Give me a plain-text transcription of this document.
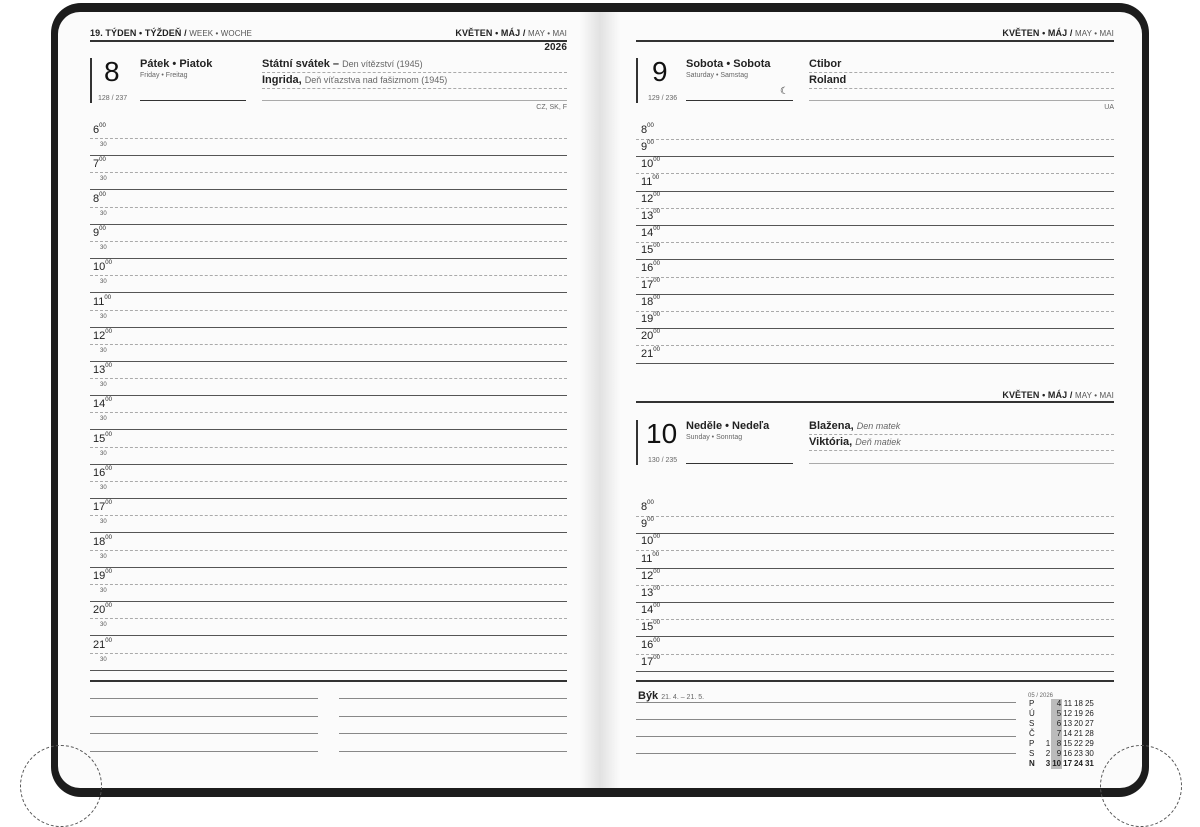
19. TÝDEN • TÝŽDEŇ / WEEK • WOCHE	KVĚTEN • MÁJ / MAY • MAI
2026
8 Pátek • Piatok
Friday • Freitag
128 / 237
Státní svátek – Den vítězství (1945)
Ingrida, Deň víťazstva nad fašizmom (1945)
CZ, SK, F
$6^{00}$
30
$7^{00}$
30
$8^{00}$
30
$9^{00}$
30
$10^{00}$
30
$11^{00}$
30
$12^{00}$
30
$13^{00}$
30
$14^{00}$
30
$15^{00}$
30
$16^{00}$
30
$17^{00}$
30
$18^{00}$
30
$19^{00}$
30
$20^{00}$
30
$21^{00}$
30
KVĚTEN • MÁJ / MAY • MAI
9 Sobota • Sobota
Saturday • Samstag
129 / 236
☾
Ctibor
Roland
UA
$8^{00}$
$9^{00}$
$10^{00}$
$11^{00}$
$12^{00}$
$13^{00}$
$14^{00}$
$15^{00}$
$16^{00}$
$17^{00}$
$18^{00}$
$19^{00}$
$20^{00}$
$21^{00}$
KVĚTEN • MÁJ / MAY • MAI
10 Neděle • Nedeľa
Sunday • Sonntag
130 / 235
Blažena, Den matek
Viktória, Deň matiek
$8^{00}$
$9^{00}$
$10^{00}$
$11^{00}$
$12^{00}$
$13^{00}$
$14^{00}$
$15^{00}$
$16^{00}$
$17^{00}$
Býk 21. 4. – 21. 5.	05 / 2026
P		4	11	18	25
Ú		5	12	19	26
S		6	13	20	27
Č		7	14	21	28
P	1	8	15	22	29
S	2	9	16	23	30
N	3	10	17	24	31
